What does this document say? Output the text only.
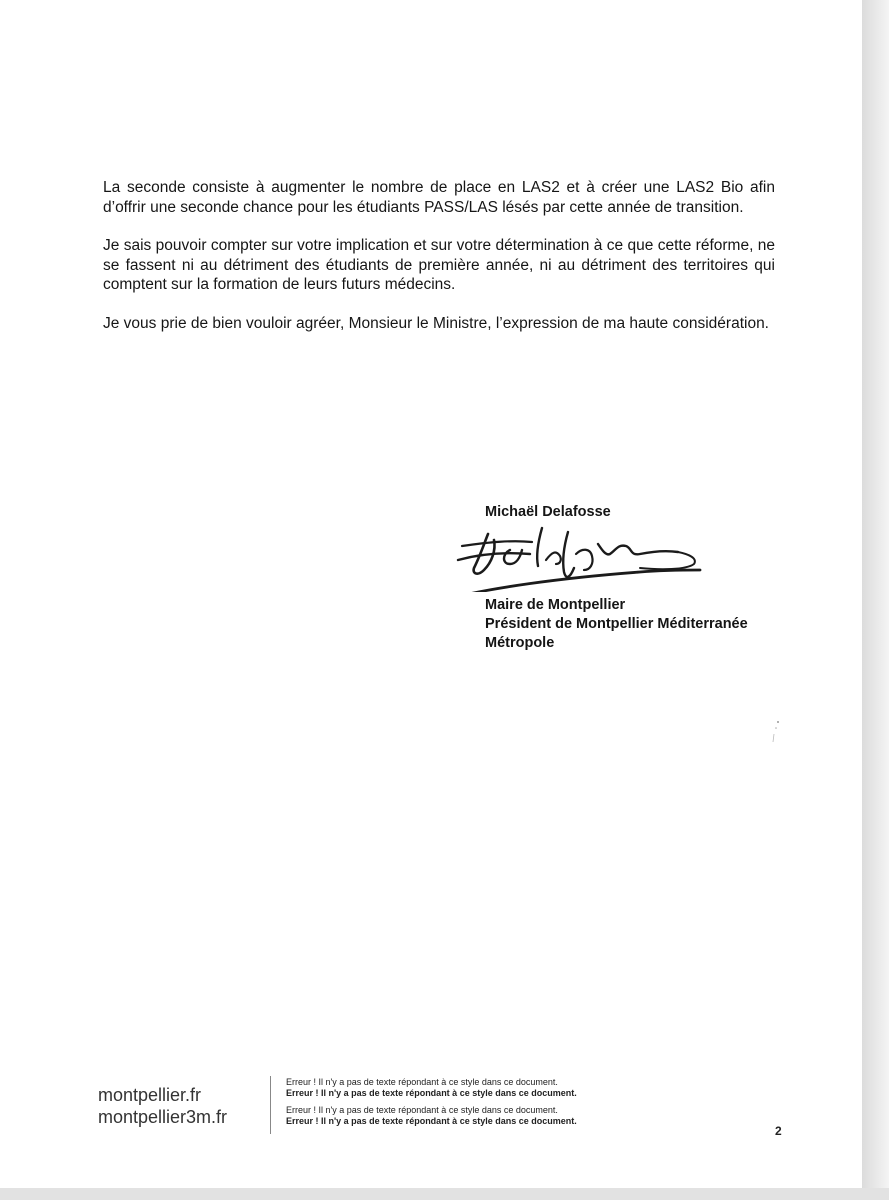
La seconde consiste à augmenter le nombre de place en LAS2 et à créer une LAS2 Bio afin d’offrir une seconde chance pour les étudiants PASS/LAS lésés par cette année de transition.

Je sais pouvoir compter sur votre implication et sur votre détermination à ce que cette réforme, ne se fassent ni au détriment des étudiants de première année, ni au détriment des territoires qui comptent sur la formation de leurs futurs médecins.

Je vous prie de bien vouloir agréer, Monsieur le Ministre, l’expression de ma haute considération.

Michaël Delafosse
Maire de Montpellier
Président de Montpellier Méditerranée
Métropole
montpellier.fr
montpellier3m.fr
Erreur ! Il n'y a pas de texte répondant à ce style dans ce document.
Erreur ! Il n'y a pas de texte répondant à ce style dans ce document.
Erreur ! Il n'y a pas de texte répondant à ce style dans ce document.
Erreur ! Il n'y a pas de texte répondant à ce style dans ce document.
2
